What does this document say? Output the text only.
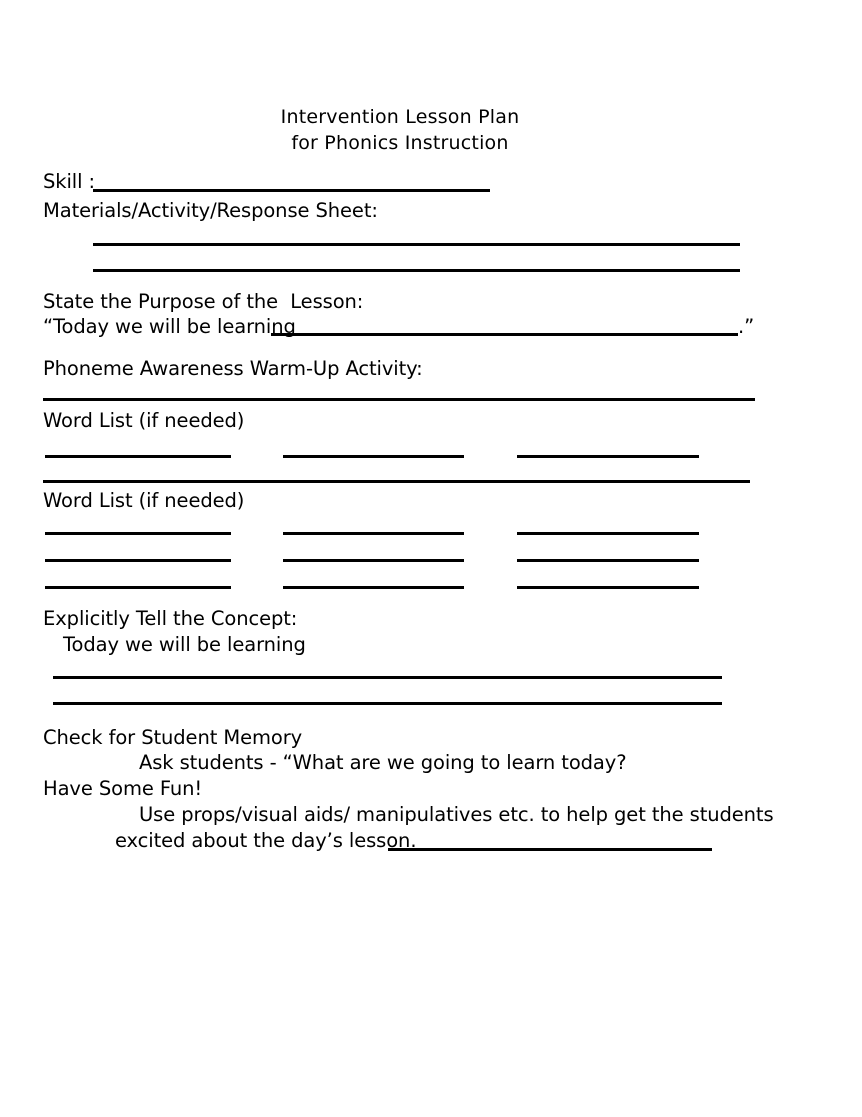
Intervention Lesson Plan
for Phonics Instruction
Skill :
Materials/Activity/Response Sheet:
State the Purpose of the  Lesson:
“Today we will be learning	.”
Phoneme Awareness Warm-Up Activity:
Word List (if needed)
Word List (if needed)
Explicitly Tell the Concept:
Today we will be learning
Check for Student Memory
Ask students - “What are we going to learn today?
Have Some Fun!
Use props/visual aids/ manipulatives etc. to help get the students
excited about the day’s lesson.
